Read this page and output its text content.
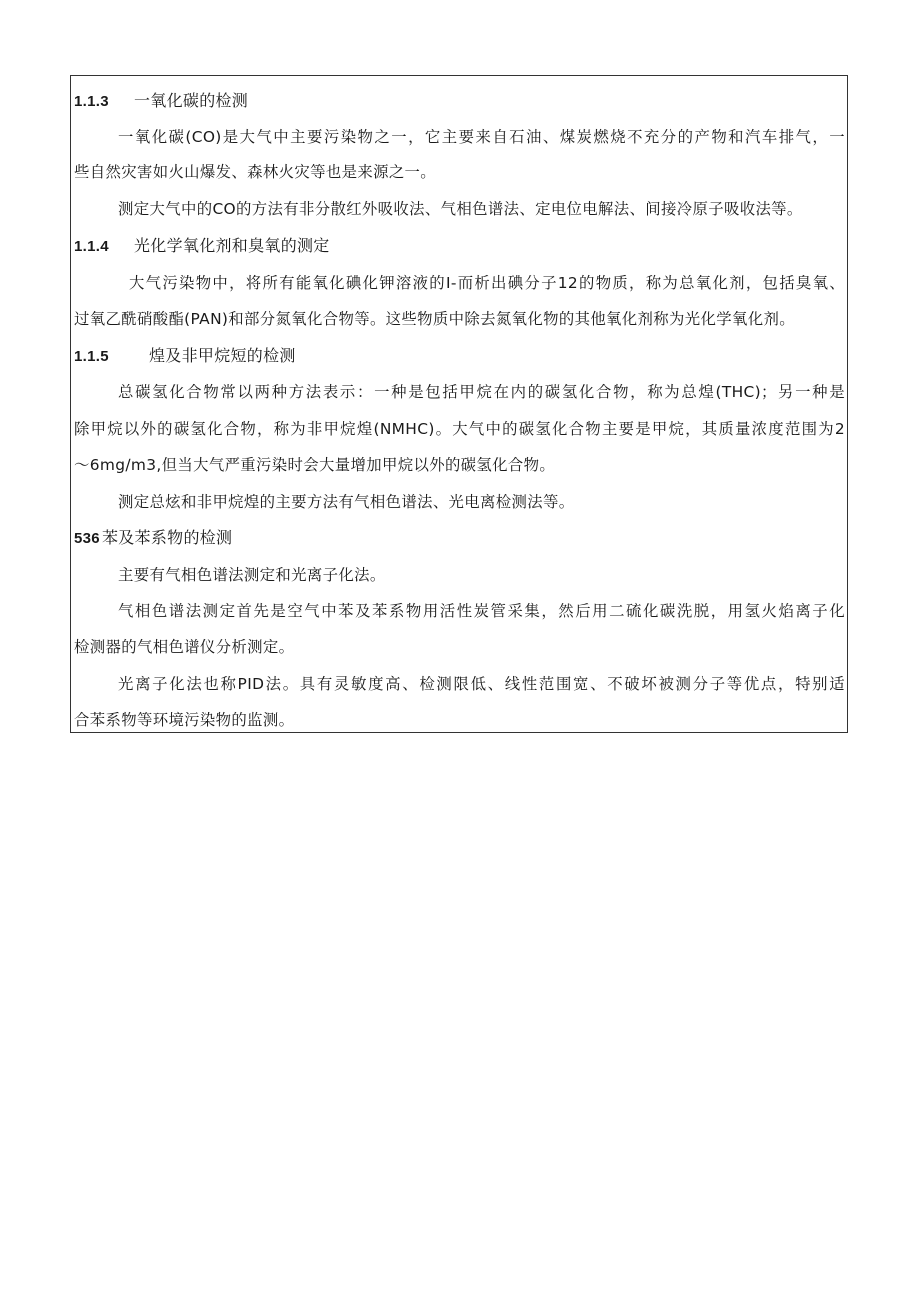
1.1.3 一氧化碳的检测
一氧化碳(CO)是大气中主要污染物之一，它主要来自石油、煤炭燃烧不充分的产物和汽车排气，一
些自然灾害如火山爆发、森林火灾等也是来源之一。
测定大气中的CO的方法有非分散红外吸收法、气相色谱法、定电位电解法、间接冷原子吸收法等。
1.1.4 光化学氧化剂和臭氧的测定
大气污染物中，将所有能氧化碘化钾溶液的I-而析出碘分子12的物质，称为总氧化剂，包括臭氧、
过氧乙酰硝酸酯(PAN)和部分氮氧化合物等。这些物质中除去氮氧化物的其他氧化剂称为光化学氧化剂。
1.1.5	煌及非甲烷短的检测
总碳氢化合物常以两种方法表示：一种是包括甲烷在内的碳氢化合物，称为总煌(THC)；另一种是
除甲烷以外的碳氢化合物，称为非甲烷煌(NMHC)。大气中的碳氢化合物主要是甲烷，其质量浓度范围为2
～6mg∕m3,但当大气严重污染时会大量增加甲烷以外的碳氢化合物。
测定总炫和非甲烷煌的主要方法有气相色谱法、光电离检测法等。
536 苯及苯系物的检测
主要有气相色谱法测定和光离子化法。
气相色谱法测定首先是空气中苯及苯系物用活性炭管采集，然后用二硫化碳洗脱，用氢火焰离子化
检测器的气相色谱仪分析测定。
光离子化法也称PID法。具有灵敏度高、检测限低、线性范围宽、不破坏被测分子等优点，特别适
合苯系物等环境污染物的监测。
